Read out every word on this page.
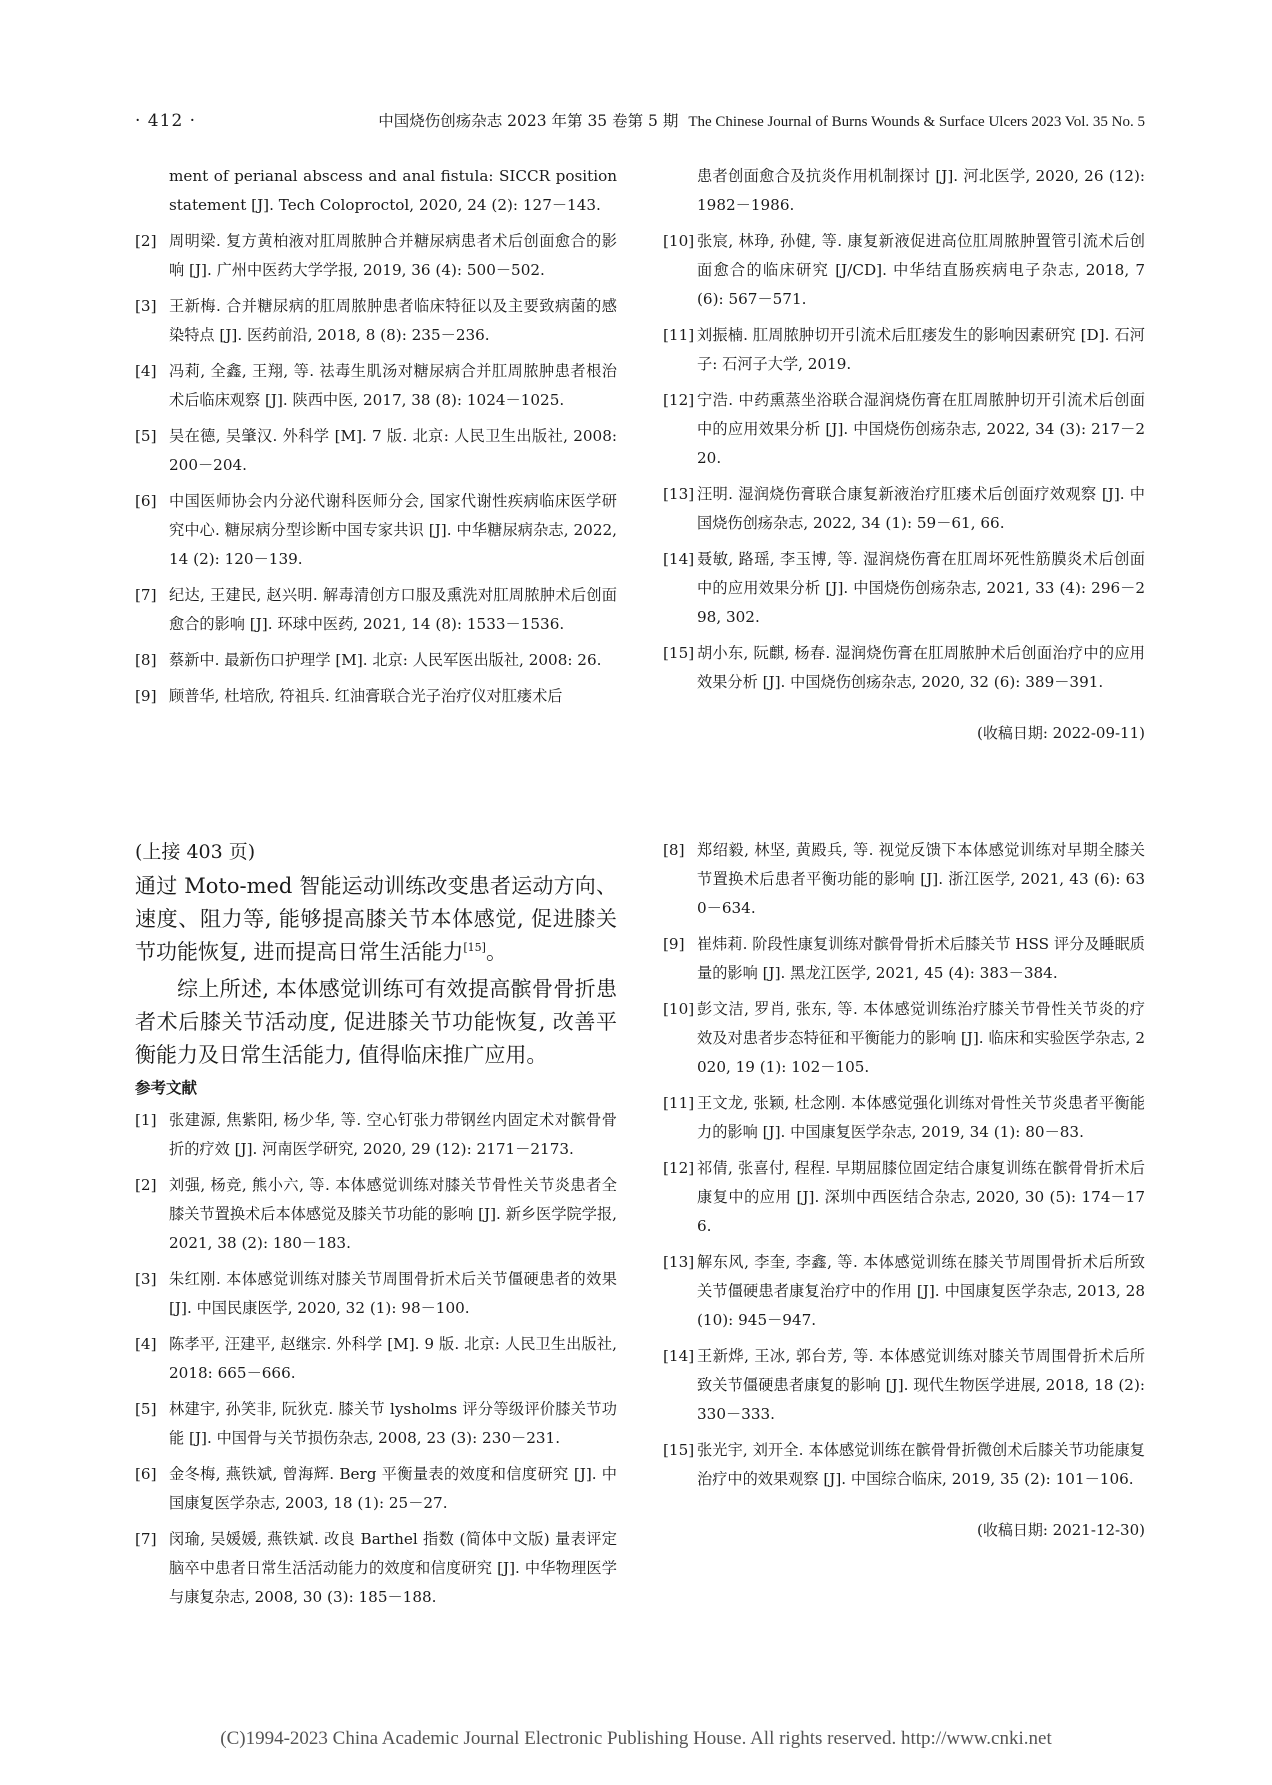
· 412 ·	中国烧伤创疡杂志 2023 年第 35 卷第 5 期 The Chinese Journal of Burns Wounds & Surface Ulcers 2023 Vol. 35 No. 5
ment of perianal abscess and anal fistula: SICCR position statement [J]. Tech Coloproctol, 2020, 24 (2): 127－143.
[2] 周明梁. 复方黄柏液对肛周脓肿合并糖尿病患者术后创面愈合的影响 [J]. 广州中医药大学学报, 2019, 36 (4): 500－502.
[3] 王新梅. 合并糖尿病的肛周脓肿患者临床特征以及主要致病菌的感染特点 [J]. 医药前沿, 2018, 8 (8): 235－236.
[4] 冯莉, 全鑫, 王翔, 等. 祛毒生肌汤对糖尿病合并肛周脓肿患者根治术后临床观察 [J]. 陕西中医, 2017, 38 (8): 1024－1025.
[5] 吴在德, 吴肇汉. 外科学 [M]. 7 版. 北京: 人民卫生出版社, 2008: 200－204.
[6] 中国医师协会内分泌代谢科医师分会, 国家代谢性疾病临床医学研究中心. 糖尿病分型诊断中国专家共识 [J]. 中华糖尿病杂志, 2022, 14 (2): 120－139.
[7] 纪达, 王建民, 赵兴明. 解毒清创方口服及熏洗对肛周脓肿术后创面愈合的影响 [J]. 环球中医药, 2021, 14 (8): 1533－1536.
[8] 蔡新中. 最新伤口护理学 [M]. 北京: 人民军医出版社, 2008: 26.
[9] 顾普华, 杜培欣, 符祖兵. 红油膏联合光子治疗仪对肛瘘术后
患者创面愈合及抗炎作用机制探讨 [J]. 河北医学, 2020, 26 (12): 1982－1986.
[10] 张宸, 林琤, 孙健, 等. 康复新液促进高位肛周脓肿置管引流术后创面愈合的临床研究 [J/CD]. 中华结直肠疾病电子杂志, 2018, 7 (6): 567－571.
[11] 刘振楠. 肛周脓肿切开引流术后肛瘘发生的影响因素研究 [D]. 石河子: 石河子大学, 2019.
[12] 宁浩. 中药熏蒸坐浴联合湿润烧伤膏在肛周脓肿切开引流术后创面中的应用效果分析 [J]. 中国烧伤创疡杂志, 2022, 34 (3): 217－220.
[13] 汪明. 湿润烧伤膏联合康复新液治疗肛瘘术后创面疗效观察 [J]. 中国烧伤创疡杂志, 2022, 34 (1): 59－61, 66.
[14] 聂敏, 路瑶, 李玉博, 等. 湿润烧伤膏在肛周坏死性筋膜炎术后创面中的应用效果分析 [J]. 中国烧伤创疡杂志, 2021, 33 (4): 296－298, 302.
[15] 胡小东, 阮麒, 杨春. 湿润烧伤膏在肛周脓肿术后创面治疗中的应用效果分析 [J]. 中国烧伤创疡杂志, 2020, 32 (6): 389－391.
(收稿日期: 2022-09-11)
(上接 403 页)

通过 Moto-med 智能运动训练改变患者运动方向、速度、阻力等, 能够提高膝关节本体感觉, 促进膝关节功能恢复, 进而提高日常生活能力[15]。

综上所述, 本体感觉训练可有效提高髌骨骨折患者术后膝关节活动度, 促进膝关节功能恢复, 改善平衡能力及日常生活能力, 值得临床推广应用。

参考文献
[1] 张建源, 焦紫阳, 杨少华, 等. 空心钉张力带钢丝内固定术对髌骨骨折的疗效 [J]. 河南医学研究, 2020, 29 (12): 2171－2173.
[2] 刘强, 杨竞, 熊小六, 等. 本体感觉训练对膝关节骨性关节炎患者全膝关节置换术后本体感觉及膝关节功能的影响 [J]. 新乡医学院学报, 2021, 38 (2): 180－183.
[3] 朱红刚. 本体感觉训练对膝关节周围骨折术后关节僵硬患者的效果 [J]. 中国民康医学, 2020, 32 (1): 98－100.
[4] 陈孝平, 汪建平, 赵继宗. 外科学 [M]. 9 版. 北京: 人民卫生出版社, 2018: 665－666.
[5] 林建宇, 孙笑非, 阮狄克. 膝关节 lysholms 评分等级评价膝关节功能 [J]. 中国骨与关节损伤杂志, 2008, 23 (3): 230－231.
[6] 金冬梅, 燕铁斌, 曾海辉. Berg 平衡量表的效度和信度研究 [J]. 中国康复医学杂志, 2003, 18 (1): 25－27.
[7] 闵瑜, 吴媛媛, 燕铁斌. 改良 Barthel 指数 (简体中文版) 量表评定脑卒中患者日常生活活动能力的效度和信度研究 [J]. 中华物理医学与康复杂志, 2008, 30 (3): 185－188.
[8] 郑绍毅, 林坚, 黄殿兵, 等. 视觉反馈下本体感觉训练对早期全膝关节置换术后患者平衡功能的影响 [J]. 浙江医学, 2021, 43 (6): 630－634.
[9] 崔炜莉. 阶段性康复训练对髌骨骨折术后膝关节 HSS 评分及睡眠质量的影响 [J]. 黑龙江医学, 2021, 45 (4): 383－384.
[10] 彭文洁, 罗肖, 张东, 等. 本体感觉训练治疗膝关节骨性关节炎的疗效及对患者步态特征和平衡能力的影响 [J]. 临床和实验医学杂志, 2020, 19 (1): 102－105.
[11] 王文龙, 张颖, 杜念刚. 本体感觉强化训练对骨性关节炎患者平衡能力的影响 [J]. 中国康复医学杂志, 2019, 34 (1): 80－83.
[12] 祁倩, 张喜付, 程程. 早期屈膝位固定结合康复训练在髌骨骨折术后康复中的应用 [J]. 深圳中西医结合杂志, 2020, 30 (5): 174－176.
[13] 解东风, 李奎, 李鑫, 等. 本体感觉训练在膝关节周围骨折术后所致关节僵硬患者康复治疗中的作用 [J]. 中国康复医学杂志, 2013, 28 (10): 945－947.
[14] 王新烨, 王冰, 郭台芳, 等. 本体感觉训练对膝关节周围骨折术后所致关节僵硬患者康复的影响 [J]. 现代生物医学进展, 2018, 18 (2): 330－333.
[15] 张光宇, 刘开全. 本体感觉训练在髌骨骨折微创术后膝关节功能康复治疗中的效果观察 [J]. 中国综合临床, 2019, 35 (2): 101－106.
(收稿日期: 2021-12-30)
(C)1994-2023 China Academic Journal Electronic Publishing House. All rights reserved. http://www.cnki.net
